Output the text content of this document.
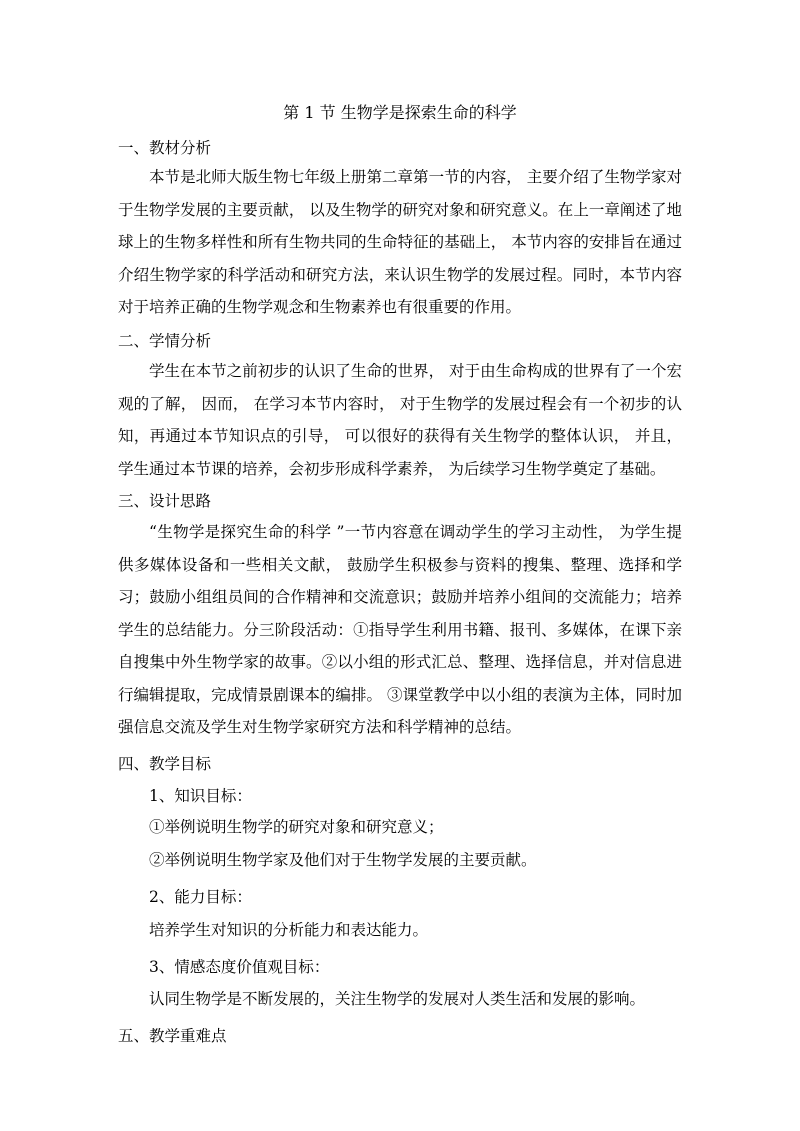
第 1 节 生物学是探索生命的科学
一、教材分析

本节是北师大版生物七年级上册第二章第一节的内容， 主要介绍了生物学家对于生物学发展的主要贡献， 以及生物学的研究对象和研究意义。在上一章阐述了地球上的生物多样性和所有生物共同的生命特征的基础上， 本节内容的安排旨在通过介绍生物学家的科学活动和研究方法，来认识生物学的发展过程。同时，本节内容对于培养正确的生物学观念和生物素养也有很重要的作用。

二、学情分析

学生在本节之前初步的认识了生命的世界， 对于由生命构成的世界有了一个宏观的了解， 因而， 在学习本节内容时， 对于生物学的发展过程会有一个初步的认知，再通过本节知识点的引导， 可以很好的获得有关生物学的整体认识， 并且，学生通过本节课的培养，会初步形成科学素养， 为后续学习生物学奠定了基础。

三、设计思路

“生物学是探究生命的科学 ”一节内容意在调动学生的学习主动性， 为学生提供多媒体设备和一些相关文献， 鼓励学生积极参与资料的搜集、整理、选择和学习；鼓励小组组员间的合作精神和交流意识；鼓励并培养小组间的交流能力；培养学生的总结能力。分三阶段活动：①指导学生利用书籍、报刊、多媒体，在课下亲自搜集中外生物学家的故事。②以小组的形式汇总、整理、选择信息，并对信息进行编辑提取，完成情景剧课本的编排。 ③课堂教学中以小组的表演为主体，同时加强信息交流及学生对生物学家研究方法和科学精神的总结。

四、教学目标
1、知识目标：
①举例说明生物学的研究对象和研究意义；
②举例说明生物学家及他们对于生物学发展的主要贡献。
2、能力目标：
培养学生对知识的分析能力和表达能力。
3、情感态度价值观目标：
认同生物学是不断发展的，关注生物学的发展对人类生活和发展的影响。
五、教学重难点
